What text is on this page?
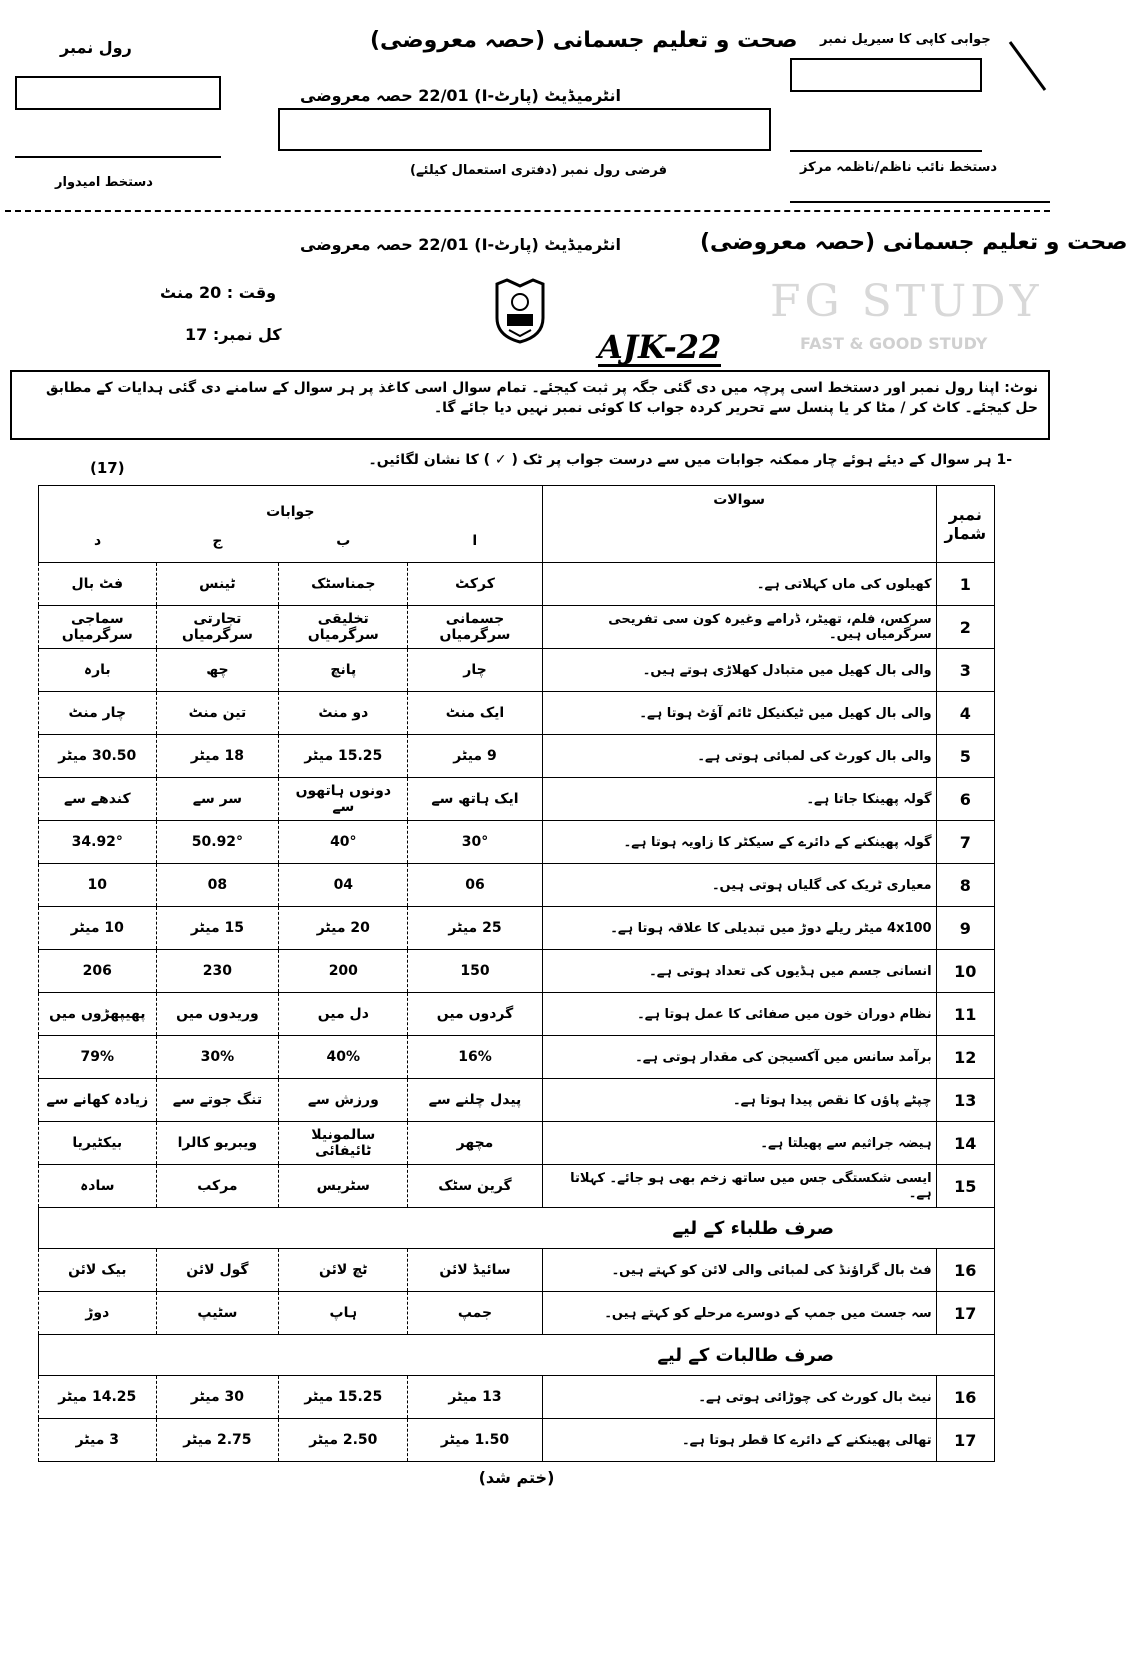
رول نمبر	صحت و تعلیم جسمانی (حصہ معروضی) جوابی کاپی کا سیریل نمبر
انٹرمیڈیٹ (پارٹ-I) 22/01 حصہ معروضی
فرضی رول نمبر (دفتری استعمال کیلئے)	دستخط نائب ناظم/ناظمہ مرکز
دستخط امیدوار
صحت و تعلیم جسمانی (حصہ معروضی)
انٹرمیڈیٹ (پارٹ-I) 22/01 حصہ معروضی
وقت : 20 منٹ
کل نمبر: 17	AJK-22
FG STUDY
FAST & GOOD STUDY
نوٹ: اپنا رول نمبر اور دستخط اسی پرچہ میں دی گئی جگہ پر ثبت کیجئے۔ تمام سوال اسی کاغذ پر ہر سوال کے سامنے دی گئی ہدایات کے مطابق حل کیجئے۔ کاٹ کر / مٹا کر یا پنسل سے تحریر کردہ جواب کا کوئی نمبر نہیں دیا جائے گا۔
-1 ہر سوال کے دیئے ہوئے چار ممکنہ جوابات میں سے درست جواب پر ٹک ( ✓ ) کا نشان لگائیں۔
(17)
نمبر شمار	سوالات	جوابات			
		ا	ب	ج	د
1	کھیلوں کی ماں کہلاتی ہے۔	کرکٹ	جمناسٹک	ٹینس	فٹ بال
2	سرکس، فلم، تھیٹر، ڈرامے وغیرہ کون سی تفریحی سرگرمیاں ہیں۔	جسمانی سرگرمیاں	تخلیقی سرگرمیاں	تجارتی سرگرمیاں	سماجی سرگرمیاں
3	والی بال کھیل میں متبادل کھلاڑی ہوتے ہیں۔	چار	پانچ	چھ	بارہ
4	والی بال کھیل میں ٹیکنیکل ٹائم آؤٹ ہوتا ہے۔	ایک منٹ	دو منٹ	تین منٹ	چار منٹ
5	والی بال کورٹ کی لمبائی ہوتی ہے۔	9 میٹر	15.25 میٹر	18 میٹر	30.50 میٹر
6	گولہ پھینکا جاتا ہے۔	ایک ہاتھ سے	دونوں ہاتھوں سے	سر سے	کندھے سے
7	گولہ پھینکنے کے دائرے کے سیکٹر کا زاویہ ہوتا ہے۔	30°	40°	50.92°	34.92°
8	معیاری ٹریک کی گلیاں ہوتی ہیں۔	06	04	08	10
9	4x100 میٹر ریلے دوڑ میں تبدیلی کا علاقہ ہوتا ہے۔	25 میٹر	20 میٹر	15 میٹر	10 میٹر
10	انسانی جسم میں ہڈیوں کی تعداد ہوتی ہے۔	150	200	230	206
11	نظام دوران خون میں صفائی کا عمل ہوتا ہے۔	گردوں میں	دل میں	وریدوں میں	پھیپھڑوں میں
12	برآمد سانس میں آکسیجن کی مقدار ہوتی ہے۔	16%	40%	30%	79%
13	چپٹے پاؤں کا نقص پیدا ہوتا ہے۔	پیدل چلنے سے	ورزش سے	تنگ جوتے سے	زیادہ کھانے سے
14	ہیضہ جراثیم سے پھیلتا ہے۔	مچھر	سالمونیلا ٹائیفائی	ویبریو کالرا	بیکٹیریا
15	ایسی شکستگی جس میں ساتھ زخم بھی ہو جائے۔ کہلاتا ہے۔	گرین سٹک	سٹریس	مرکب	سادہ
صرف طلباء کے لیے					
16	فٹ بال گراؤنڈ کی لمبائی والی لائن کو کہتے ہیں۔	سائیڈ لائن	ٹچ لائن	گول لائن	بیک لائن
17	سہ جست میں جمپ کے دوسرے مرحلے کو کہتے ہیں۔	جمپ	ہاپ	سٹیپ	دوڑ
صرف طالبات کے لیے					
16	نیٹ بال کورٹ کی چوڑائی ہوتی ہے۔	13 میٹر	15.25 میٹر	30 میٹر	14.25 میٹر
17	تھالی پھینکنے کے دائرے کا قطر ہوتا ہے۔	1.50 میٹر	2.50 میٹر	2.75 میٹر	3 میٹر
(ختم شد)
